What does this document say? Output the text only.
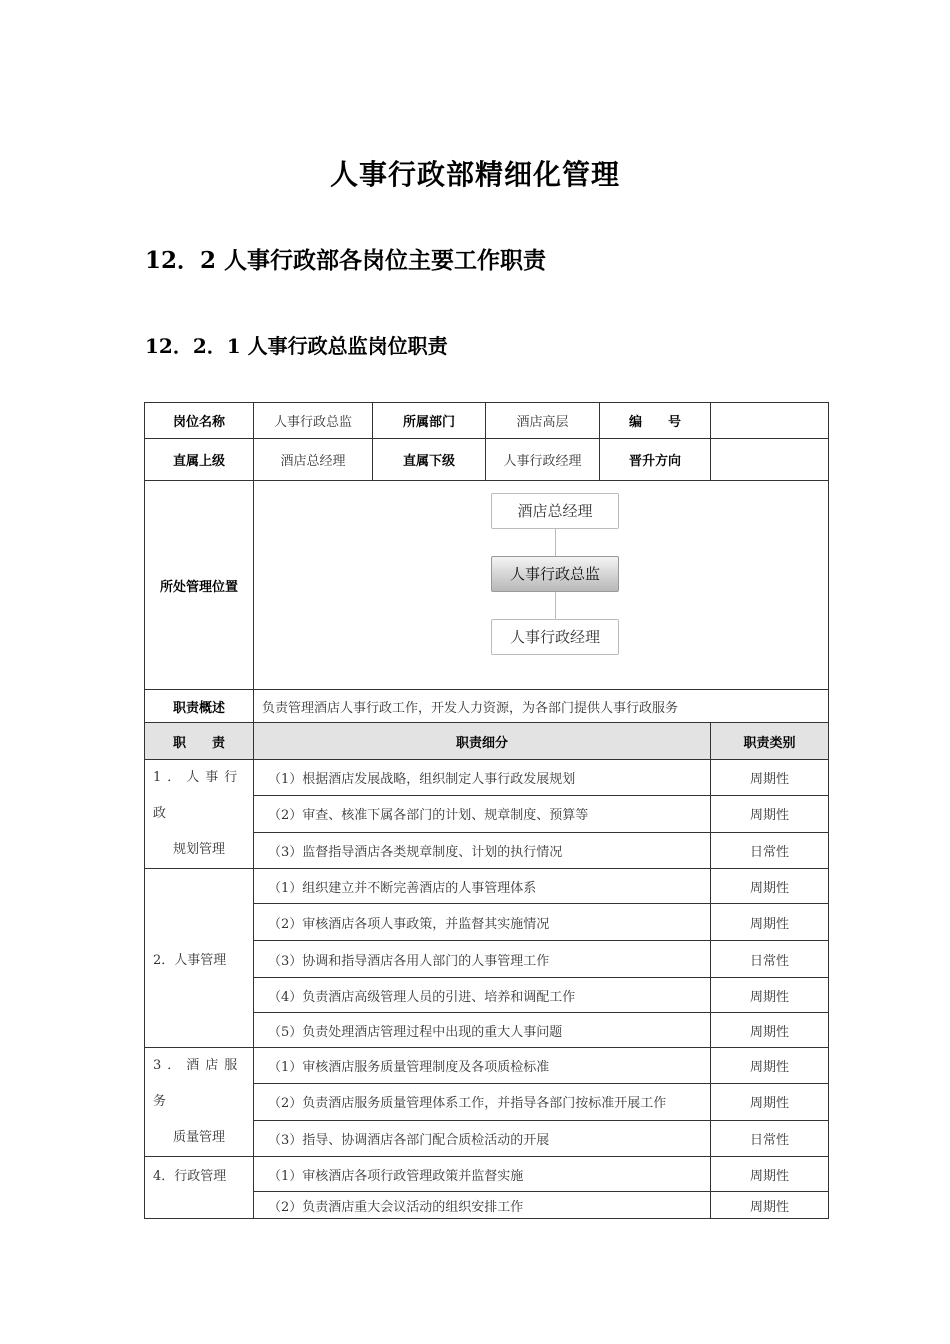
人事行政部精细化管理
12．2 人事行政部各岗位主要工作职责
12．2．1 人事行政总监岗位职责
岗位名称	人事行政总监	所属部门	酒店高层	编　　号	
直属上级	酒店总经理	直属下级	人事行政经理	晋升方向	
所处管理位置	酒店总经理
人事行政总监
人事行政经理				

职责概述	负责管理酒店人事行政工作，开发人力资源，为各部门提供人事行政服务				
职　　责	职责细分				职责类别

1．人事行政
规划管理	（1）根据酒店发展战略，组织制定人事行政发展规划				周期性
	（2）审查、核准下属各部门的计划、规章制度、预算等				周期性
	（3）监督指导酒店各类规章制度、计划的执行情况				日常性
2．人事管理	（1）组织建立并不断完善酒店的人事管理体系				周期性
	（2）审核酒店各项人事政策，并监督其实施情况				周期性
	（3）协调和指导酒店各用人部门的人事管理工作				日常性
	（4）负责酒店高级管理人员的引进、培养和调配工作				周期性
	（5）负责处理酒店管理过程中出现的重大人事问题				周期性

3．酒店服务
质量管理	（1）审核酒店服务质量管理制度及各项质检标准				周期性
	（2）负责酒店服务质量管理体系工作，并指导各部门按标准开展工作				周期性
	（3）指导、协调酒店各部门配合质检活动的开展				日常性
4．行政管理	（1）审核酒店各项行政管理政策并监督实施				周期性
	（2）负责酒店重大会议活动的组织安排工作				周期性
